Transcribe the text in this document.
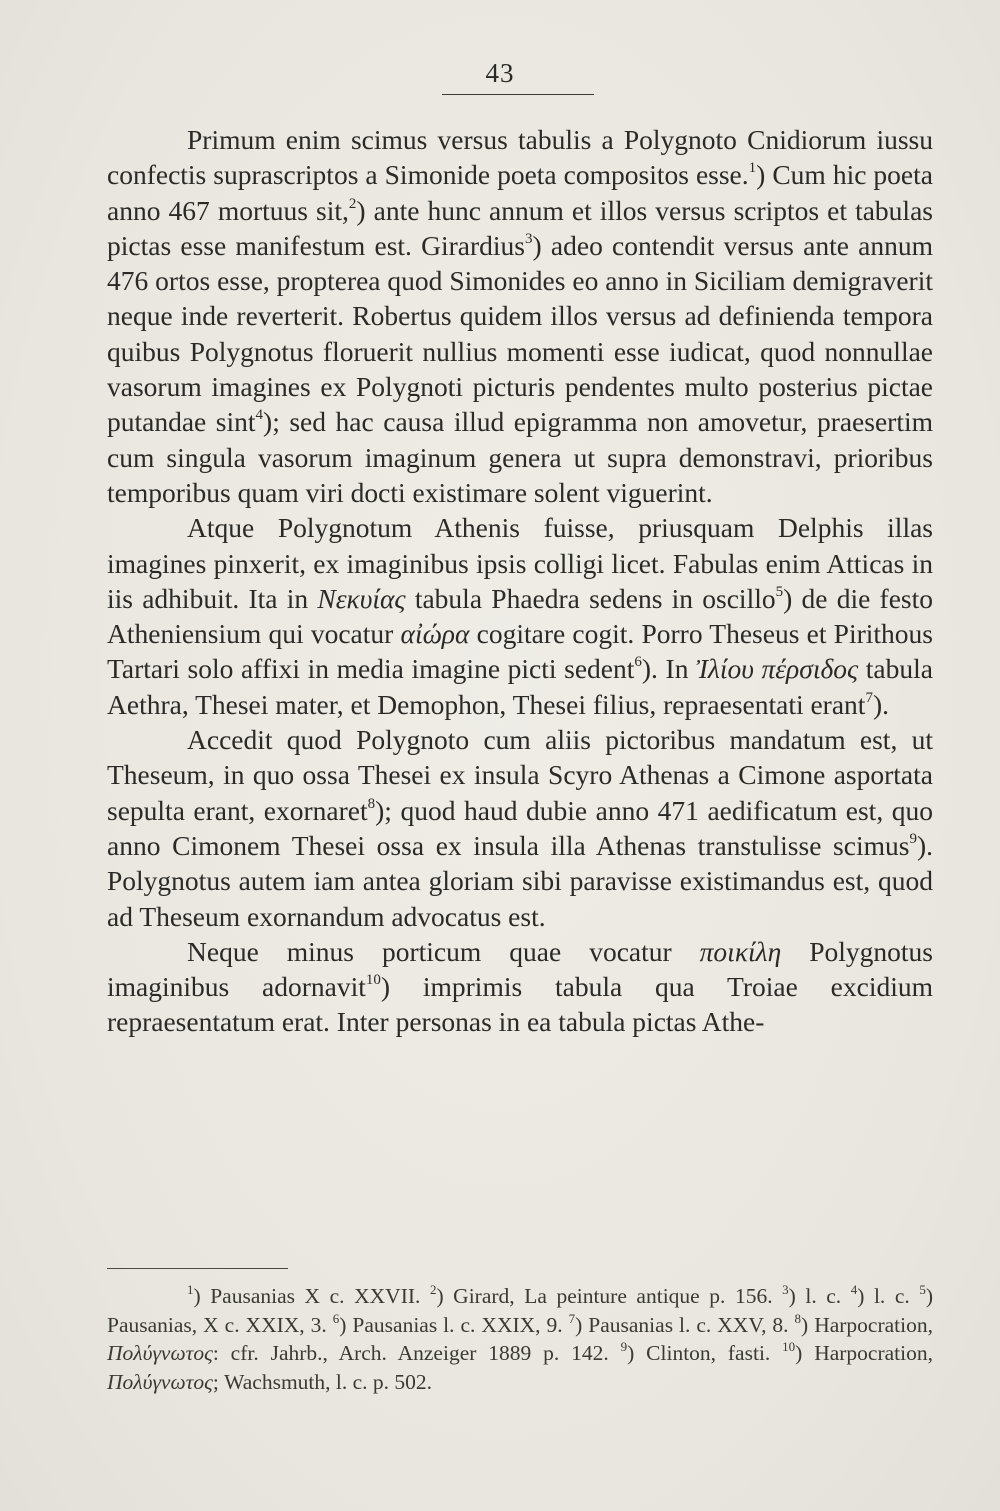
43

Primum enim scimus versus tabulis a Polygnoto Cnidiorum iussu confectis suprascriptos a Simonide poeta compositos esse.$^1$) Cum hic poeta anno 467 mortuus sit,$^2$) ante hunc annum et illos versus scriptos et tabulas pictas esse manifestum est. Girardius$^3$) adeo contendit versus ante annum 476 ortos esse, propterea quod Simonides eo anno in Siciliam demigraverit neque inde reverterit. Robertus quidem illos versus ad definienda tempora quibus Polygnotus floruerit nullius momenti esse iudicat, quod nonnullae vasorum imagines ex Polygnoti picturis pendentes multo posterius pictae putandae sint$^4$); sed hac causa illud epigramma non amovetur, praesertim cum singula vasorum imaginum genera ut supra demonstravi, prioribus temporibus quam viri docti existimare solent viguerint.

Atque Polygnotum Athenis fuisse, priusquam Delphis illas imagines pinxerit, ex imaginibus ipsis colligi licet. Fabulas enim Atticas in iis adhibuit. Ita in Νεκυίας tabula Phaedra sedens in oscillo$^5$) de die festo Atheniensium qui vocatur αἰώρα cogitare cogit. Porro Theseus et Pirithous Tartari solo affixi in media imagine picti sedent$^6$). In Ἰλίου πέρσιδος tabula Aethra, Thesei mater, et Demophon, Thesei filius, repraesentati erant$^7$).

Accedit quod Polygnoto cum aliis pictoribus mandatum est, ut Theseum, in quo ossa Thesei ex insula Scyro Athenas a Cimone asportata sepulta erant, exornaret$^8$); quod haud dubie anno 471 aedificatum est, quo anno Cimonem Thesei ossa ex insula illa Athenas transtulisse scimus$^9$). Polygnotus autem iam antea gloriam sibi paravisse existimandus est, quod ad Theseum exornandum advocatus est.

Neque minus porticum quae vocatur ποικίλη Polygnotus imaginibus adornavit$^{10}$) imprimis tabula qua Troiae excidium repraesentatum erat. Inter personas in ea tabula pictas Athe-

$^1$) Pausanias X c. XXVII. $^2$) Girard, La peinture antique p. 156. $^3$) l. c. $^4$) l. c. $^5$) Pausanias, X c. XXIX, 3. $^6$) Pausanias l. c. XXIX, 9. $^7$) Pausanias l. c. XXV, 8. $^8$) Harpocration, Πολύγνωτος: cfr. Jahrb., Arch. Anzeiger 1889 p. 142. $^9$) Clinton, fasti. $^{10}$) Harpocration, Πολύγνωτος; Wachsmuth, l. c. p. 502.
